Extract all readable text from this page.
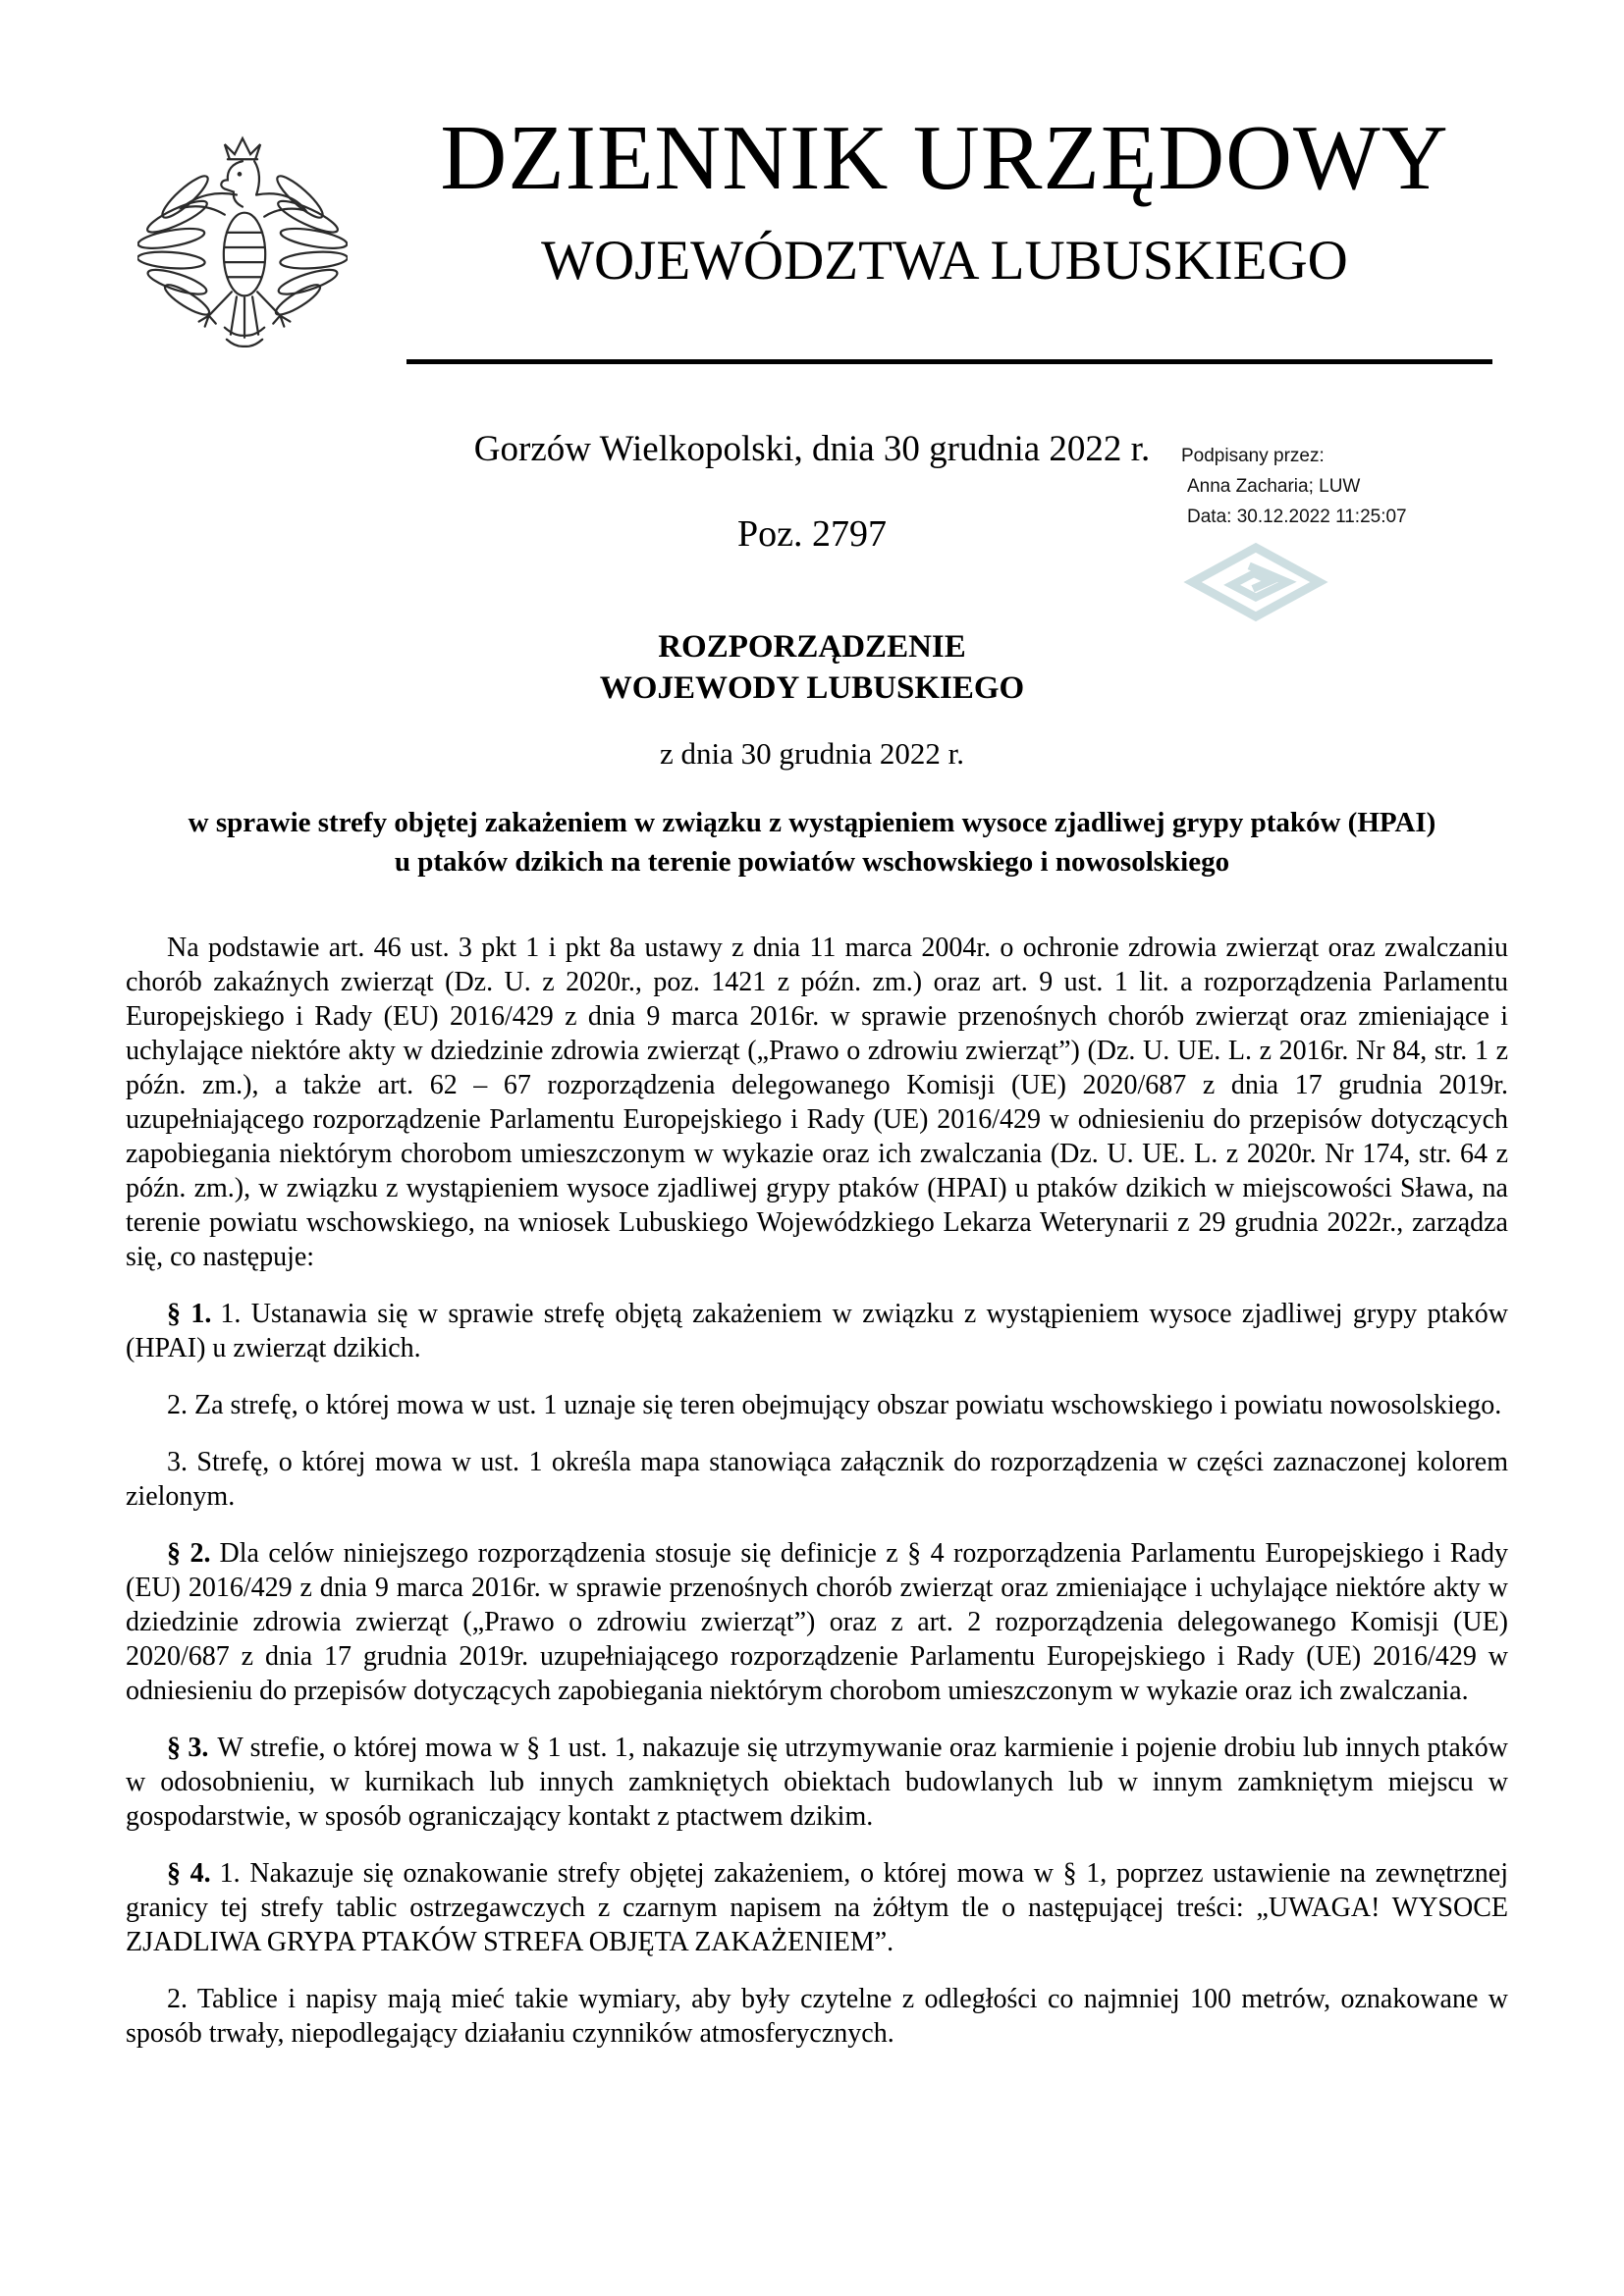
DZIENNIK URZĘDOWY
WOJEWÓDZTWA LUBUSKIEGO
Gorzów Wielkopolski, dnia 30 grudnia 2022 r.	Podpisany przez:
Anna Zacharia; LUW
Data: 30.12.2022 11:25:07
Poz. 2797
ROZPORZĄDZENIE
WOJEWODY LUBUSKIEGO
z dnia 30 grudnia 2022 r.
w sprawie strefy objętej zakażeniem w związku z wystąpieniem wysoce zjadliwej grypy ptaków (HPAI)
u ptaków dzikich na terenie powiatów wschowskiego i nowosolskiego

Na podstawie art. 46 ust. 3 pkt 1 i pkt 8a ustawy z dnia 11 marca 2004r. o ochronie zdrowia zwierząt oraz zwalczaniu chorób zakaźnych zwierząt (Dz. U. z 2020r., poz. 1421 z późn. zm.) oraz art. 9 ust. 1 lit. a rozporządzenia Parlamentu Europejskiego i Rady (EU) 2016/429 z dnia 9 marca 2016r. w sprawie przenośnych chorób zwierząt oraz zmieniające i uchylające niektóre akty w dziedzinie zdrowia zwierząt („Prawo o zdrowiu zwierząt”) (Dz. U. UE. L. z 2016r. Nr 84, str. 1 z późn. zm.), a także art. 62 – 67 rozporządzenia delegowanego Komisji (UE) 2020/687 z dnia 17 grudnia 2019r. uzupełniającego rozporządzenie Parlamentu Europejskiego i Rady (UE) 2016/429 w odniesieniu do przepisów dotyczących zapobiegania niektórym chorobom umieszczonym w wykazie oraz ich zwalczania (Dz. U. UE. L. z 2020r. Nr 174, str. 64 z późn. zm.), w związku z wystąpieniem wysoce zjadliwej grypy ptaków (HPAI) u ptaków dzikich w miejscowości Sława, na terenie powiatu wschowskiego, na wniosek Lubuskiego Wojewódzkiego Lekarza Weterynarii z 29 grudnia 2022r., zarządza się, co następuje:

§ 1. 1. Ustanawia się w sprawie strefę objętą zakażeniem w związku z wystąpieniem wysoce zjadliwej grypy ptaków (HPAI) u zwierząt dzikich.

2. Za strefę, o której mowa w ust. 1 uznaje się teren obejmujący obszar powiatu wschowskiego i powiatu nowosolskiego.

3. Strefę, o której mowa w ust. 1 określa mapa stanowiąca załącznik do rozporządzenia w części zaznaczonej kolorem zielonym.

§ 2. Dla celów niniejszego rozporządzenia stosuje się definicje z § 4 rozporządzenia Parlamentu Europejskiego i Rady (EU) 2016/429 z dnia 9 marca 2016r. w sprawie przenośnych chorób zwierząt oraz zmieniające i uchylające niektóre akty w dziedzinie zdrowia zwierząt („Prawo o zdrowiu zwierząt”) oraz z art. 2 rozporządzenia delegowanego Komisji (UE) 2020/687 z dnia 17 grudnia 2019r. uzupełniającego rozporządzenie Parlamentu Europejskiego i Rady (UE) 2016/429 w odniesieniu do przepisów dotyczących zapobiegania niektórym chorobom umieszczonym w wykazie oraz ich zwalczania.

§ 3. W strefie, o której mowa w § 1 ust. 1, nakazuje się utrzymywanie oraz karmienie i pojenie drobiu lub innych ptaków w odosobnieniu, w kurnikach lub innych zamkniętych obiektach budowlanych lub w innym zamkniętym miejscu w gospodarstwie, w sposób ograniczający kontakt z ptactwem dzikim.

§ 4. 1. Nakazuje się oznakowanie strefy objętej zakażeniem, o której mowa w § 1, poprzez ustawienie na zewnętrznej granicy tej strefy tablic ostrzegawczych z czarnym napisem na żółtym tle o następującej treści: „UWAGA! WYSOCE ZJADLIWA GRYPA PTAKÓW STREFA OBJĘTA ZAKAŻENIEM”.

2. Tablice i napisy mają mieć takie wymiary, aby były czytelne z odległości co najmniej 100 metrów, oznakowane w sposób trwały, niepodlegający działaniu czynników atmosferycznych.
